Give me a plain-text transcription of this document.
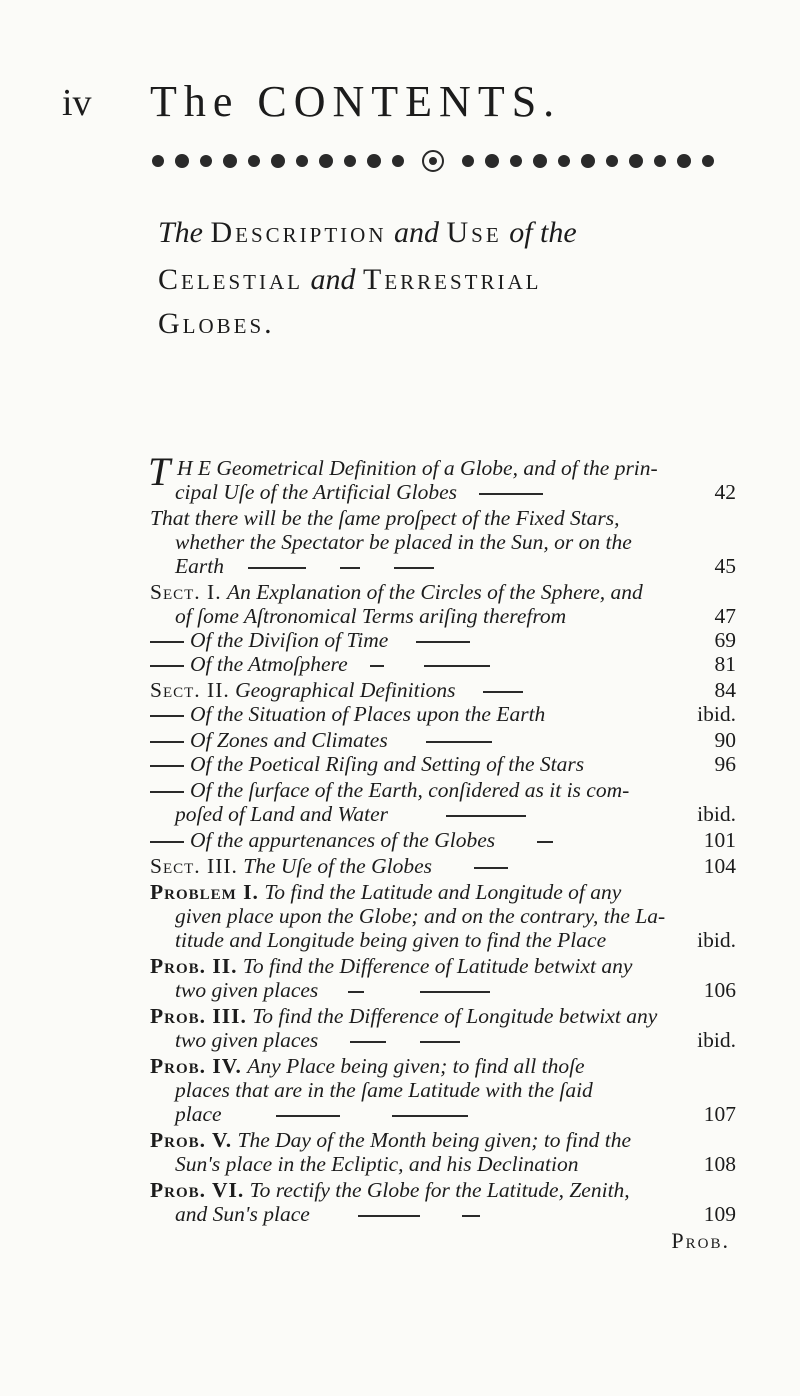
iv The CONTENTS.
The Description and Use of the
Celestial and Terrestrial
Globes.
T H E Geometrical Definition of a Globe, and of the prin-
cipal Uſe of the Artificial Globes	42
That there will be the ſame proſpect of the Fixed Stars,
whether the Spectator be placed in the Sun, or on the
Earth	45
Sect. I. An Explanation of the Circles of the Sphere, and
of ſome Aſtronomical Terms ariſing therefrom	47
Of the Diviſion of Time	69
Of the Atmoſphere	81
Sect. II. Geographical Definitions	84
Of the Situation of Places upon the Earth	ibid.
Of Zones and Climates	90
Of the Poetical Riſing and Setting of the Stars	96
Of the ſurface of the Earth, conſidered as it is com-
poſed of Land and Water	ibid.
Of the appurtenances of the Globes	101
Sect. III. The Uſe of the Globes	104
Problem I. To find the Latitude and Longitude of any
given place upon the Globe; and on the contrary, the La-
titude and Longitude being given to find the Place	ibid.
Prob. II. To find the Difference of Latitude betwixt any
two given places	106
Prob. III. To find the Difference of Longitude betwixt any
two given places	ibid.
Prob. IV. Any Place being given; to find all thoſe
places that are in the ſame Latitude with the ſaid
place	107
Prob. V. The Day of the Month being given; to find the
Sun's place in the Ecliptic, and his Declination	108
Prob. VI. To rectify the Globe for the Latitude, Zenith,
and Sun's place	109
Prob.
